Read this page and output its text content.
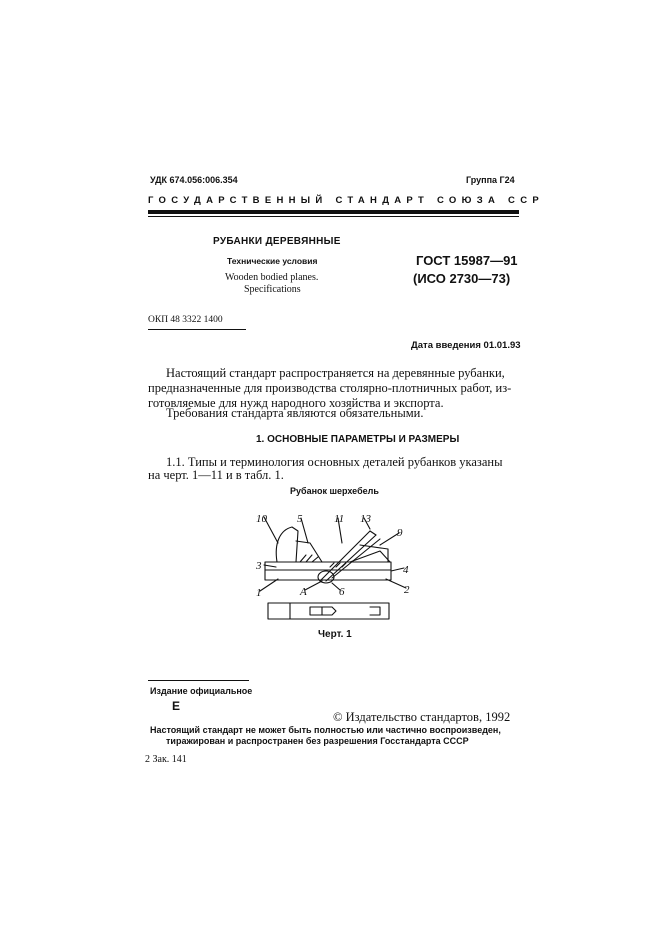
УДК 674.056:006.354	Группа Г24
ГОСУДАРСТВЕННЫЙ СТАНДАРТ СОЮЗА ССР
РУБАНКИ ДЕРЕВЯННЫЕ
Технические условия
Wooden bodied planes.
Specifications
ГОСТ 15987—91
(ИСО 2730—73)
ОКП 48 3322 1400
Дата введения 01.01.93
Настоящий стандарт распространяется на деревянные рубанки,
предназначенные для производства столярно-плотничных работ, из-
готовляемые для нужд народного хозяйства и экспорта.
Требования стандарта являются обязательными.
1. ОСНОВНЫЕ ПАРАМЕТРЫ И РАЗМЕРЫ
1.1. Типы и терминология основных деталей рубанков указаны
на черт. 1—11 и в табл. 1.
Рубанок шерхебель
10	5	11 13
9
3	4
1	A	6	2
Черт. 1
Издание официальное
Е
© Издательство стандартов, 1992
Настоящий стандарт не может быть полностью или частично воспроизведен,
тиражирован и распространен без разрешения Госстандарта СССР
2 Зак. 141
